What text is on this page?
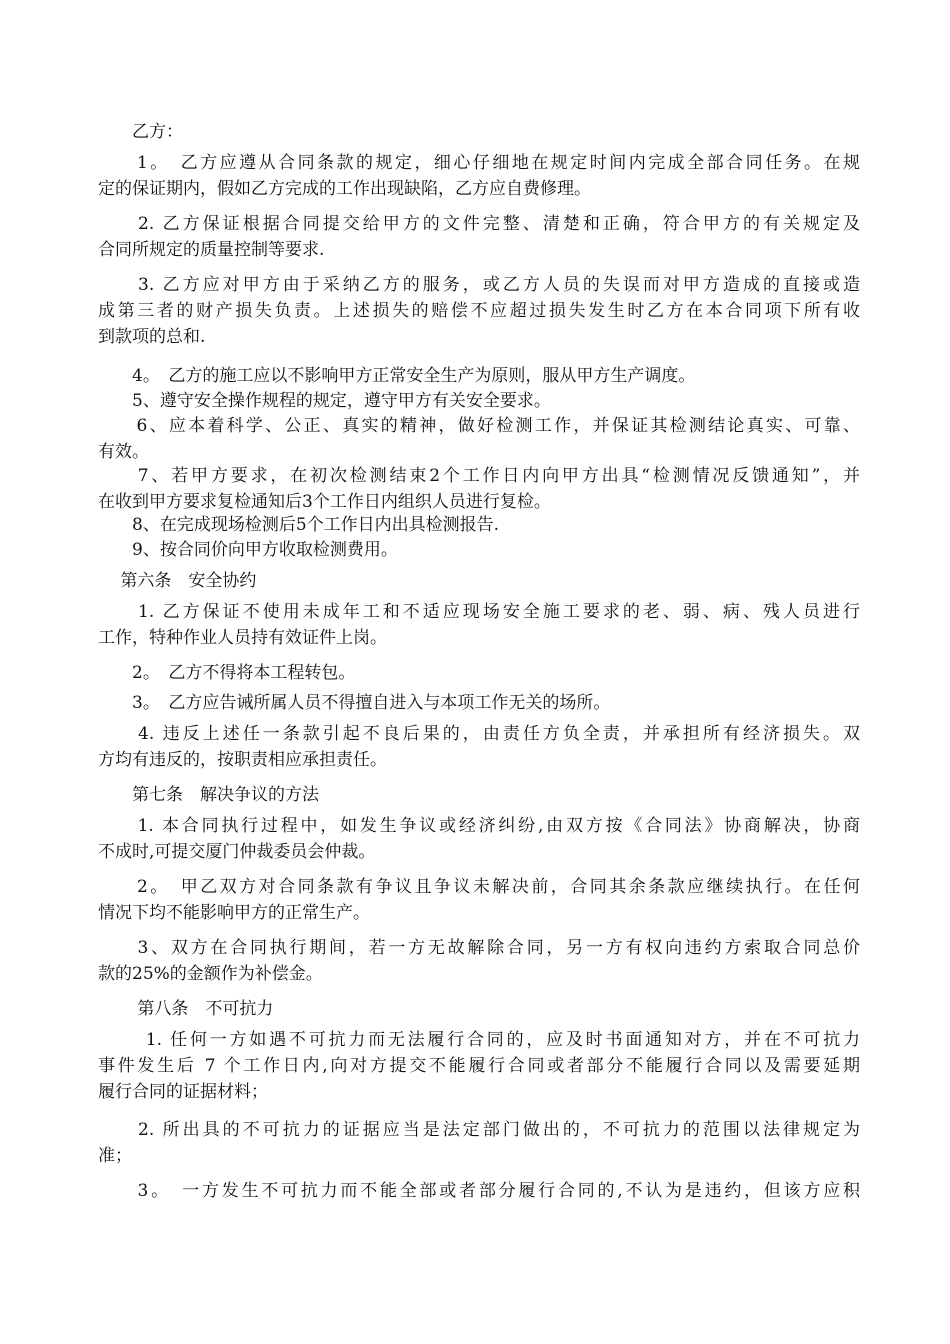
　　乙方：

　　1。　乙方应遵从合同条款的规定，细心仔细地在规定时间内完成全部合同任务。在规
定的保证期内，假如乙方完成的工作出现缺陷，乙方应自费修理。

　　2. 乙方保证根据合同提交给甲方的文件完整、清楚和正确，符合甲方的有关规定及
合同所规定的质量控制等要求.

　　3. 乙方应对甲方由于采纳乙方的服务，或乙方人员的失误而对甲方造成的直接或造
成第三者的财产损失负责。上述损失的赔偿不应超过损失发生时乙方在本合同项下所有收
到款项的总和.

　　4。　乙方的施工应以不影响甲方正常安全生产为原则，服从甲方生产调度。

　　5、遵守安全操作规程的规定，遵守甲方有关安全要求。

　　6、应本着科学、公正、真实的精神，做好检测工作，并保证其检测结论真实、可靠、
有效。

　　7、若甲方要求，在初次检测结束2个工作日内向甲方出具“检测情况反馈通知”，并
在收到甲方要求复检通知后3个工作日内组织人员进行复检。

　　8、在完成现场检测后5个工作日内出具检测报告.

　　9、按合同价向甲方收取检测费用。

　 第六条　安全协约

　　1. 乙方保证不使用未成年工和不适应现场安全施工要求的老、弱、病、残人员进行
工作，特种作业人员持有效证件上岗。

　　2。　乙方不得将本工程转包。

　　3。　乙方应告诫所属人员不得擅自进入与本项工作无关的场所。

　　4. 违反上述任一条款引起不良后果的，由责任方负全责，并承担所有经济损失。双
方均有违反的，按职责相应承担责任。

　　第七条　解决争议的方法

　　1. 本合同执行过程中，如发生争议或经济纠纷,由双方按《合同法》协商解决，协商
不成时,可提交厦门仲裁委员会仲裁。

　　2。　甲乙双方对合同条款有争议且争议未解决前，合同其余条款应继续执行。在任何
情况下均不能影响甲方的正常生产。

　　3、双方在合同执行期间，若一方无故解除合同，另一方有权向违约方索取合同总价
款的25%的金额作为补偿金。

　　 第八条　不可抗力

　　 1. 任何一方如遇不可抗力而无法履行合同的，应及时书面通知对方，并在不可抗力
事件发生后 7 个工作日内,向对方提交不能履行合同或者部分不能履行合同以及需要延期
履行合同的证据材料；

　　2. 所出具的不可抗力的证据应当是法定部门做出的，不可抗力的范围以法律规定为
准；

　　3。　一方发生不可抗力而不能全部或者部分履行合同的,不认为是违约，但该方应积
